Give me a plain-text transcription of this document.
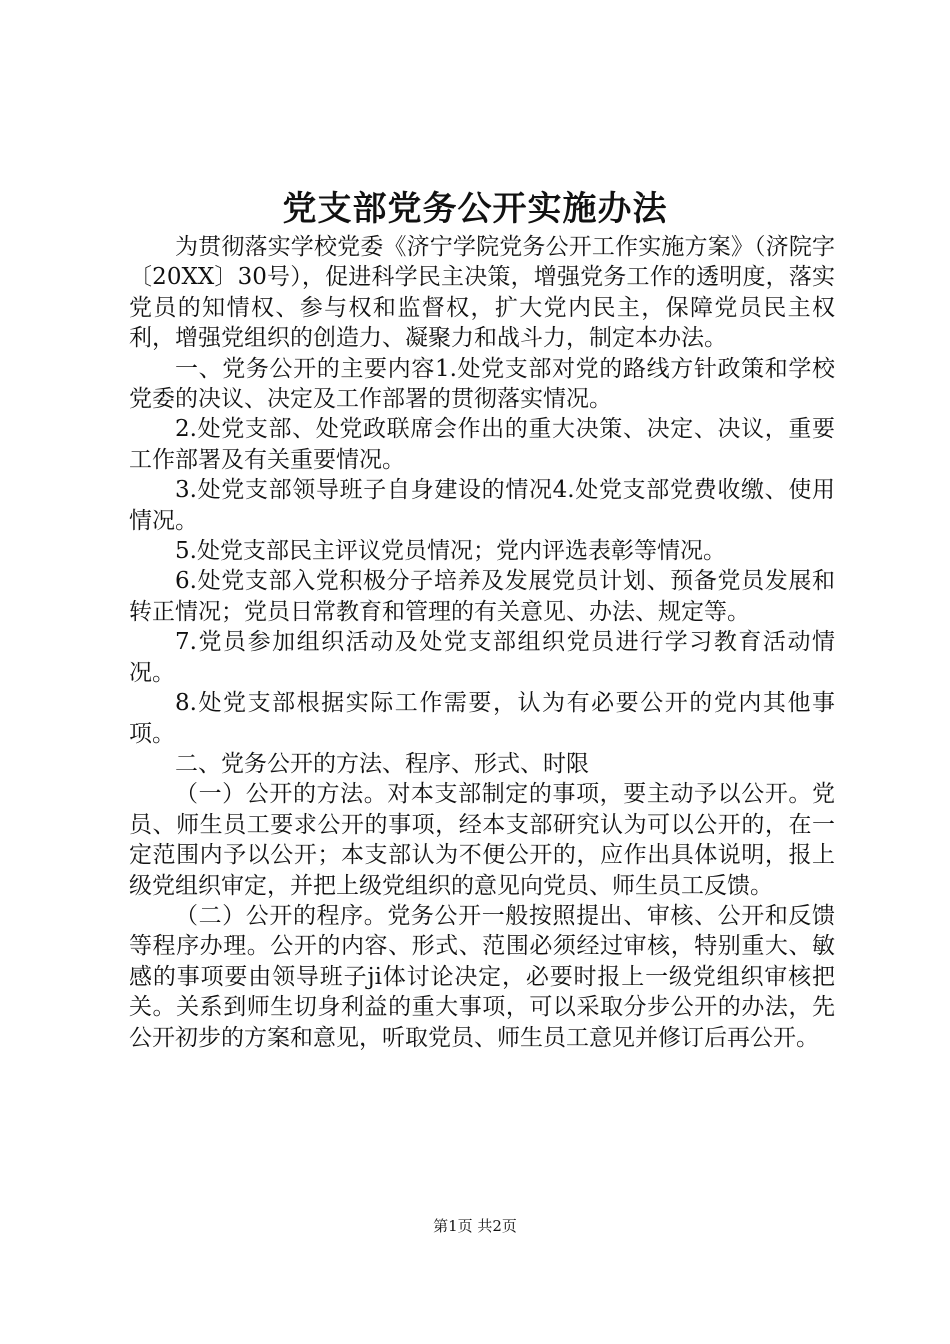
党支部党务公开实施办法

为贯彻落实学校党委《济宁学院党务公开工作实施方案》（济院字〔20XX〕30号），促进科学民主决策，增强党务工作的透明度，落实党员的知情权、参与权和监督权，扩大党内民主，保障党员民主权利，增强党组织的创造力、凝聚力和战斗力，制定本办法。

一、党务公开的主要内容1.处党支部对党的路线方针政策和学校党委的决议、决定及工作部署的贯彻落实情况。

2.处党支部、处党政联席会作出的重大决策、决定、决议，重要工作部署及有关重要情况。

3.处党支部领导班子自身建设的情况4.处党支部党费收缴、使用情况。

5.处党支部民主评议党员情况；党内评选表彰等情况。

6.处党支部入党积极分子培养及发展党员计划、预备党员发展和转正情况；党员日常教育和管理的有关意见、办法、规定等。

7.党员参加组织活动及处党支部组织党员进行学习教育活动情况。

8.处党支部根据实际工作需要，认为有必要公开的党内其他事项。

二、党务公开的方法、程序、形式、时限

（一）公开的方法。对本支部制定的事项，要主动予以公开。党员、师生员工要求公开的事项，经本支部研究认为可以公开的，在一定范围内予以公开；本支部认为不便公开的，应作出具体说明，报上级党组织审定，并把上级党组织的意见向党员、师生员工反馈。

（二）公开的程序。党务公开一般按照提出、审核、公开和反馈等程序办理。公开的内容、形式、范围必须经过审核，特别重大、敏感的事项要由领导班子ji体讨论决定，必要时报上一级党组织审核把关。关系到师生切身利益的重大事项，可以采取分步公开的办法，先公开初步的方案和意见，听取党员、师生员工意见并修订后再公开。

第1页 共2页
